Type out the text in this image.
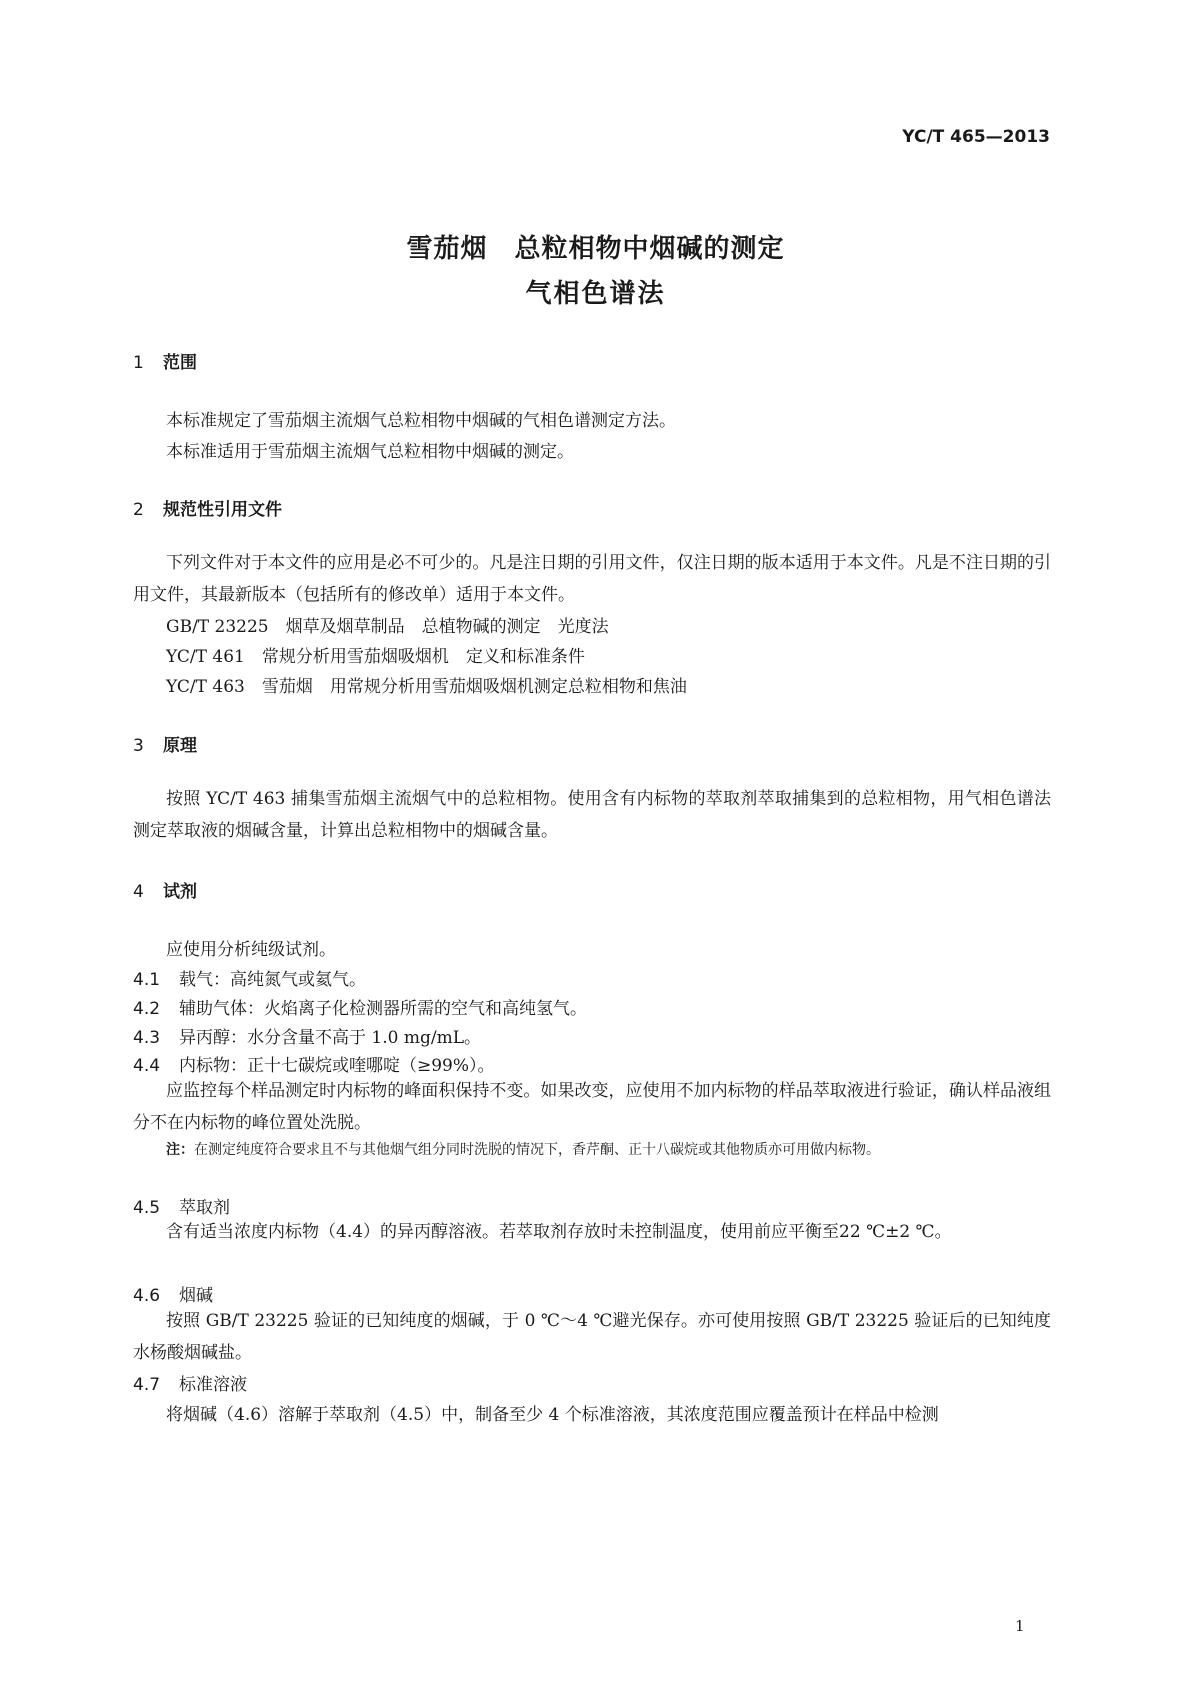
YC/T 465—2013
雪茄烟　总粒相物中烟碱的测定
气相色谱法
1 范围
本标准规定了雪茄烟主流烟气总粒相物中烟碱的气相色谱测定方法。
本标准适用于雪茄烟主流烟气总粒相物中烟碱的测定。
2 规范性引用文件
下列文件对于本文件的应用是必不可少的。凡是注日期的引用文件，仅注日期的版本适用于本文件。凡是不注日期的引用文件，其最新版本（包括所有的修改单）适用于本文件。
GB/T 23225　烟草及烟草制品　总植物碱的测定　光度法
YC/T 461　常规分析用雪茄烟吸烟机　定义和标准条件
YC/T 463　雪茄烟　用常规分析用雪茄烟吸烟机测定总粒相物和焦油
3 原理
按照 YC/T 463 捕集雪茄烟主流烟气中的总粒相物。使用含有内标物的萃取剂萃取捕集到的总粒相物，用气相色谱法测定萃取液的烟碱含量，计算出总粒相物中的烟碱含量。
4 试剂
应使用分析纯级试剂。
4.1 载气：高纯氮气或氦气。
4.2 辅助气体：火焰离子化检测器所需的空气和高纯氢气。
4.3 异丙醇：水分含量不高于 1.0 mg/mL。
4.4 内标物：正十七碳烷或喹哪啶（≥99%）。
应监控每个样品测定时内标物的峰面积保持不变。如果改变，应使用不加内标物的样品萃取液进行验证，确认样品液组分不在内标物的峰位置处洗脱。
注：在测定纯度符合要求且不与其他烟气组分同时洗脱的情况下，香芹酮、正十八碳烷或其他物质亦可用做内标物。
4.5 萃取剂
含有适当浓度内标物（4.4）的异丙醇溶液。若萃取剂存放时未控制温度，使用前应平衡至22 ℃±2 ℃。
4.6 烟碱
按照 GB/T 23225 验证的已知纯度的烟碱，于 0 ℃～4 ℃避光保存。亦可使用按照 GB/T 23225 验证后的已知纯度水杨酸烟碱盐。
4.7 标准溶液
将烟碱（4.6）溶解于萃取剂（4.5）中，制备至少 4 个标准溶液，其浓度范围应覆盖预计在样品中检测
1
